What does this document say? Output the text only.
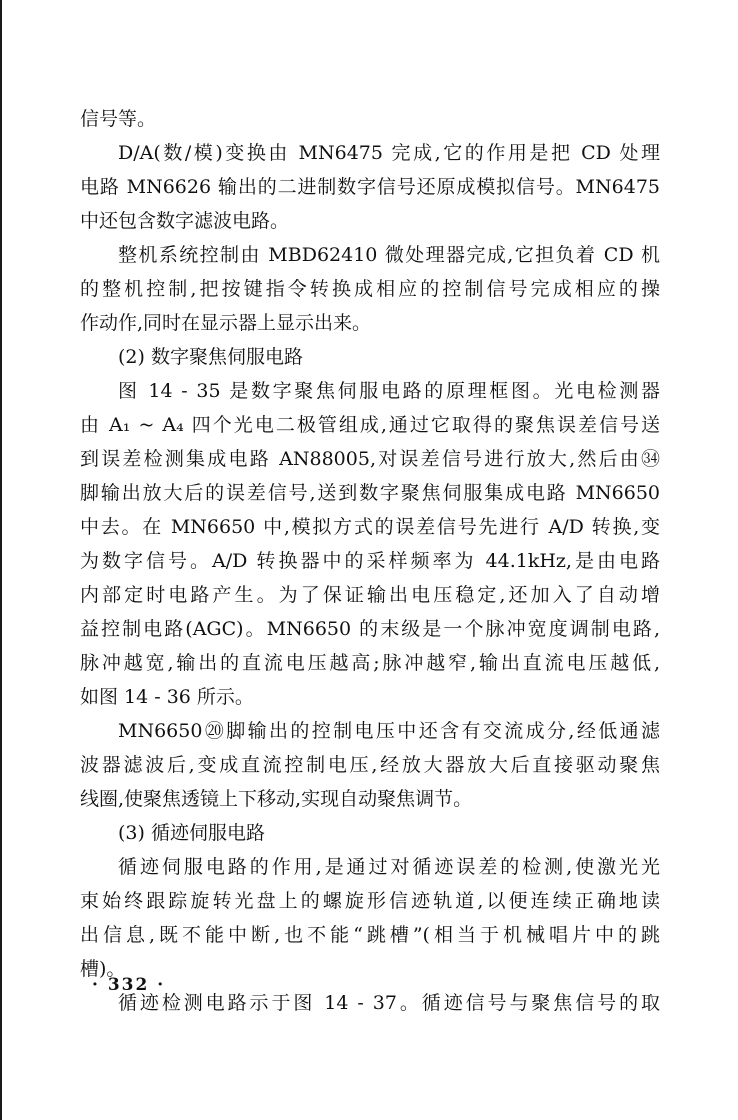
信号等。
D/A(数/模)变换由 MN6475 完成,它的作用是把 CD 处理
电路 MN6626 输出的二进制数字信号还原成模拟信号。MN6475
中还包含数字滤波电路。
整机系统控制由 MBD62410 微处理器完成,它担负着 CD 机
的整机控制,把按键指令转换成相应的控制信号完成相应的操
作动作,同时在显示器上显示出来。
(2) 数字聚焦伺服电路
图 14 - 35 是数字聚焦伺服电路的原理框图。光电检测器
由 A₁ ~ A₄ 四个光电二极管组成,通过它取得的聚焦误差信号送
到误差检测集成电路 AN88005,对误差信号进行放大,然后由㉞
脚输出放大后的误差信号,送到数字聚焦伺服集成电路 MN6650
中去。在 MN6650 中,模拟方式的误差信号先进行 A/D 转换,变
为数字信号。A/D 转换器中的采样频率为 44.1kHz,是由电路
内部定时电路产生。为了保证输出电压稳定,还加入了自动增
益控制电路(AGC)。MN6650 的末级是一个脉冲宽度调制电路,
脉冲越宽,输出的直流电压越高;脉冲越窄,输出直流电压越低,
如图 14 - 36 所示。
MN6650⑳脚输出的控制电压中还含有交流成分,经低通滤
波器滤波后,变成直流控制电压,经放大器放大后直接驱动聚焦
线圈,使聚焦透镜上下移动,实现自动聚焦调节。
(3) 循迹伺服电路
循迹伺服电路的作用,是通过对循迹误差的检测,使激光光
束始终跟踪旋转光盘上的螺旋形信迹轨道,以便连续正确地读
出信息,既不能中断,也不能“跳槽”(相当于机械唱片中的跳
槽)。
循迹检测电路示于图 14 - 37。循迹信号与聚焦信号的取
· 332 ·
